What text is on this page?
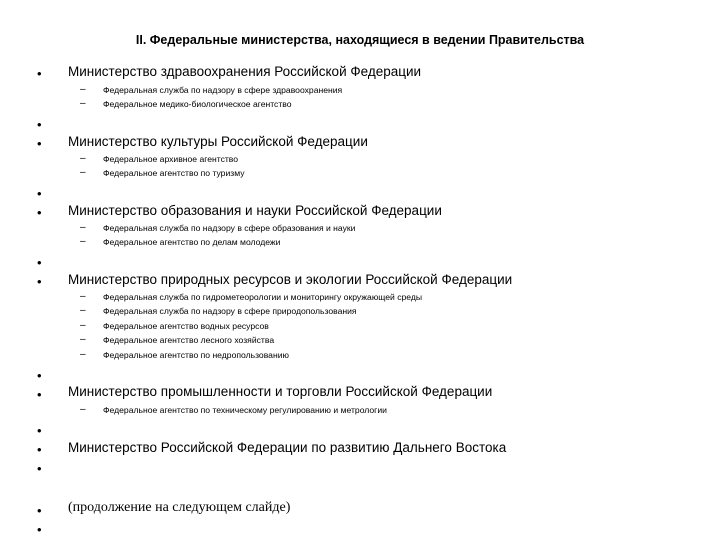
II. Федеральные министерства, находящиеся в ведении Правительства
• Министерство здравоохранения Российской Федерации
– Федеральная служба по надзору в сфере здравоохранения
– Федеральное медико-биологическое агентство
•
• Министерство культуры Российской Федерации
– Федеральное архивное агентство
– Федеральное агентство по туризму
•
• Министерство образования и науки Российской Федерации
– Федеральная служба по надзору в сфере образования и науки
– Федеральное агентство по делам молодежи
•
• Министерство природных ресурсов и экологии Российской Федерации
– Федеральная служба по гидрометеорологии и мониторингу окружающей среды
– Федеральная служба по надзору в сфере природопользования
– Федеральное агентство водных ресурсов
– Федеральное агентство лесного хозяйства
– Федеральное агентство по недропользованию
•
• Министерство промышленности и торговли Российской Федерации
– Федеральное агентство по техническому регулированию и метрологии
•
• Министерство Российской Федерации по развитию Дальнего Востока
•
• (продолжение на следующем слайде)
•
